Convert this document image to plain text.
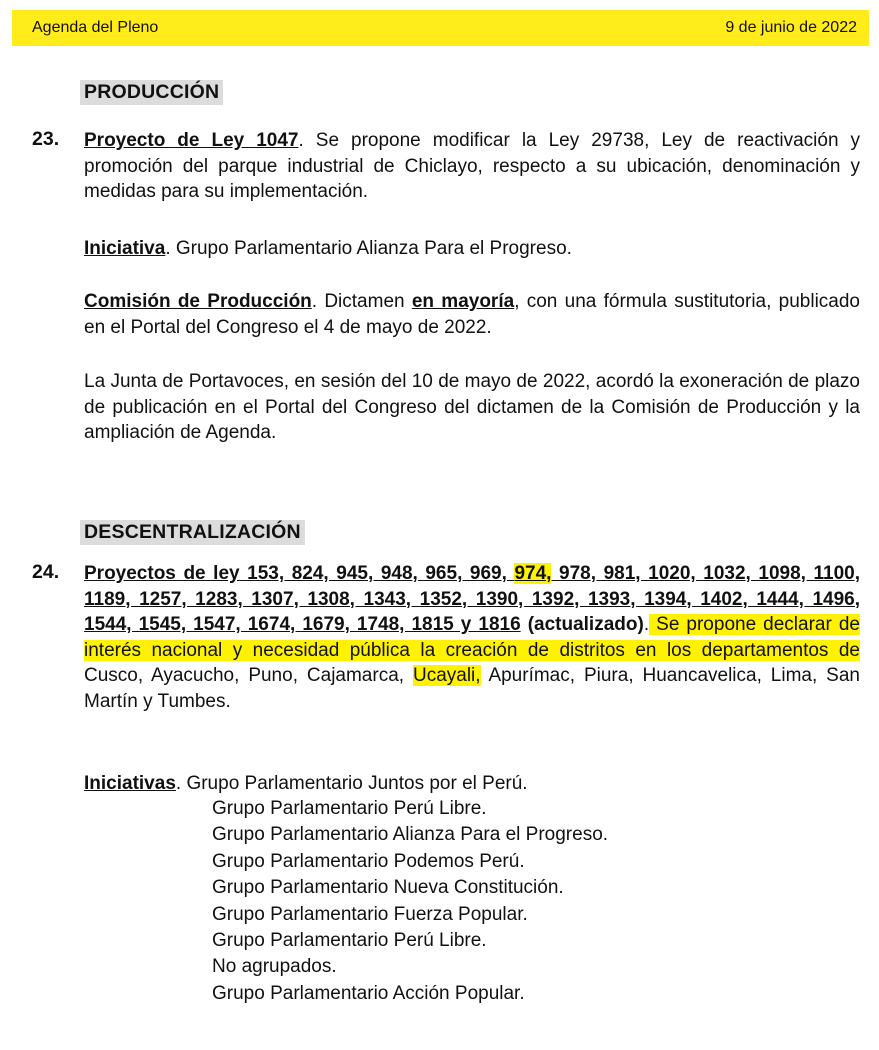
Agenda del Pleno	9 de junio de 2022
PRODUCCIÓN
23. Proyecto de Ley 1047. Se propone modificar la Ley 29738, Ley de reactivación y promoción del parque industrial de Chiclayo, respecto a su ubicación, denominación y medidas para su implementación.
Iniciativa. Grupo Parlamentario Alianza Para el Progreso.
Comisión de Producción. Dictamen en mayoría, con una fórmula sustitutoria, publicado en el Portal del Congreso el 4 de mayo de 2022.
La Junta de Portavoces, en sesión del 10 de mayo de 2022, acordó la exoneración de plazo de publicación en el Portal del Congreso del dictamen de la Comisión de Producción y la ampliación de Agenda.
DESCENTRALIZACIÓN
24. Proyectos de ley 153, 824, 945, 948, 965, 969, 974, 978, 981, 1020, 1032, 1098, 1100, 1189, 1257, 1283, 1307, 1308, 1343, 1352, 1390, 1392, 1393, 1394, 1402, 1444, 1496, 1544, 1545, 1547, 1674, 1679, 1748, 1815 y 1816 (actualizado). Se propone declarar de interés nacional y necesidad pública la creación de distritos en los departamentos de Cusco, Ayacucho, Puno, Cajamarca, Ucayali, Apurímac, Piura, Huancavelica, Lima, San Martín y Tumbes.
Iniciativas. Grupo Parlamentario Juntos por el Perú.
Grupo Parlamentario Perú Libre.
Grupo Parlamentario Alianza Para el Progreso.
Grupo Parlamentario Podemos Perú.
Grupo Parlamentario Nueva Constitución.
Grupo Parlamentario Fuerza Popular.
Grupo Parlamentario Perú Libre.
No agrupados.
Grupo Parlamentario Acción Popular.
